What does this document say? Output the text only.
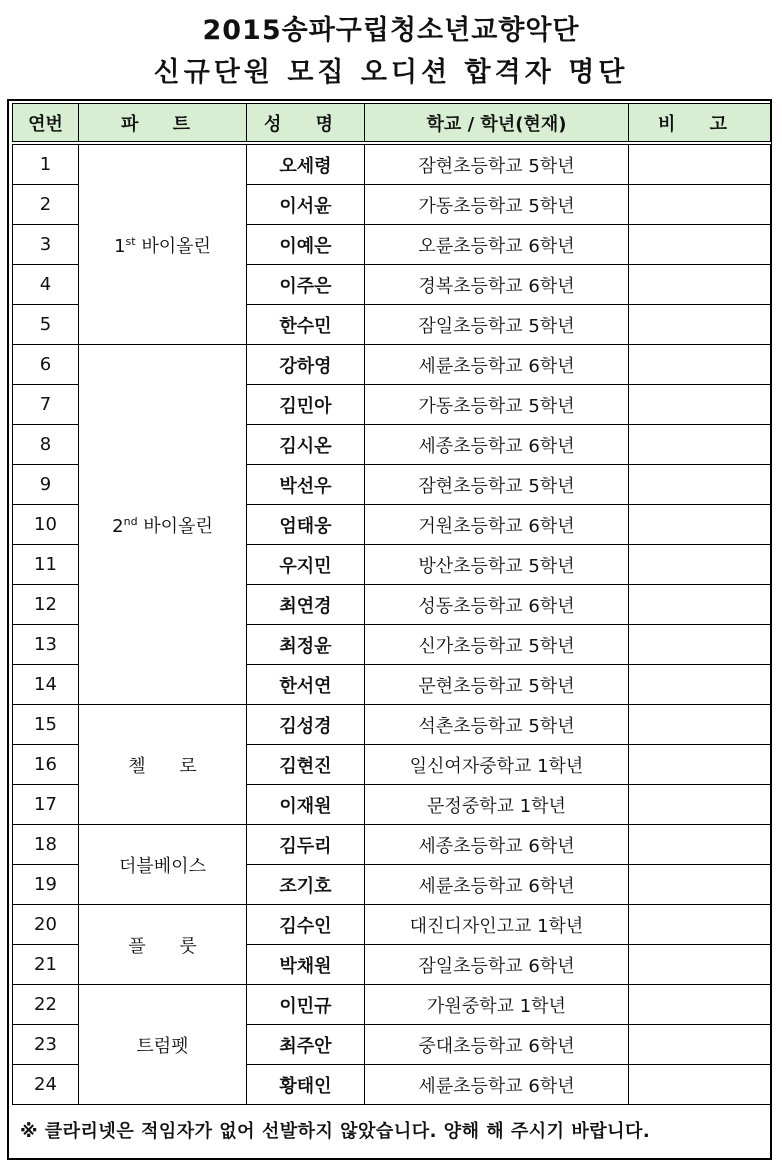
2015송파구립청소년교향악단
신규단원 모집 오디션 합격자 명단
연번	파 트	성 명	학교 / 학년(현재)	비 고

1	1st 바이올린	오세령	잠현초등학교 5학년	
2		이서윤	가동초등학교 5학년	
3		이예은	오륜초등학교 6학년	
4		이주은	경복초등학교 6학년	
5		한수민	잠일초등학교 5학년	
6	2nd 바이올린	강하영	세륜초등학교 6학년	
7		김민아	가동초등학교 5학년	
8		김시온	세종초등학교 6학년	
9		박선우	잠현초등학교 5학년	
10		엄태웅	거원초등학교 6학년	
11		우지민	방산초등학교 5학년	
12		최연경	성동초등학교 6학년	
13		최정윤	신가초등학교 5학년	
14		한서연	문현초등학교 5학년	
15	첼 로	김성경	석촌초등학교 5학년	
16		김현진	일신여자중학교 1학년	
17		이재원	문정중학교 1학년	
18	더블베이스	김두리	세종초등학교 6학년	
19		조기호	세륜초등학교 6학년	
20	플 룻	김수인	대진디자인고교 1학년	
21		박채원	잠일초등학교 6학년	
22	트럼펫	이민규	가원중학교 1학년	
23		최주안	중대초등학교 6학년	
24		황태인	세륜초등학교 6학년	
※ 클라리넷은 적임자가 없어 선발하지 않았습니다. 양해 해 주시기 바랍니다.
